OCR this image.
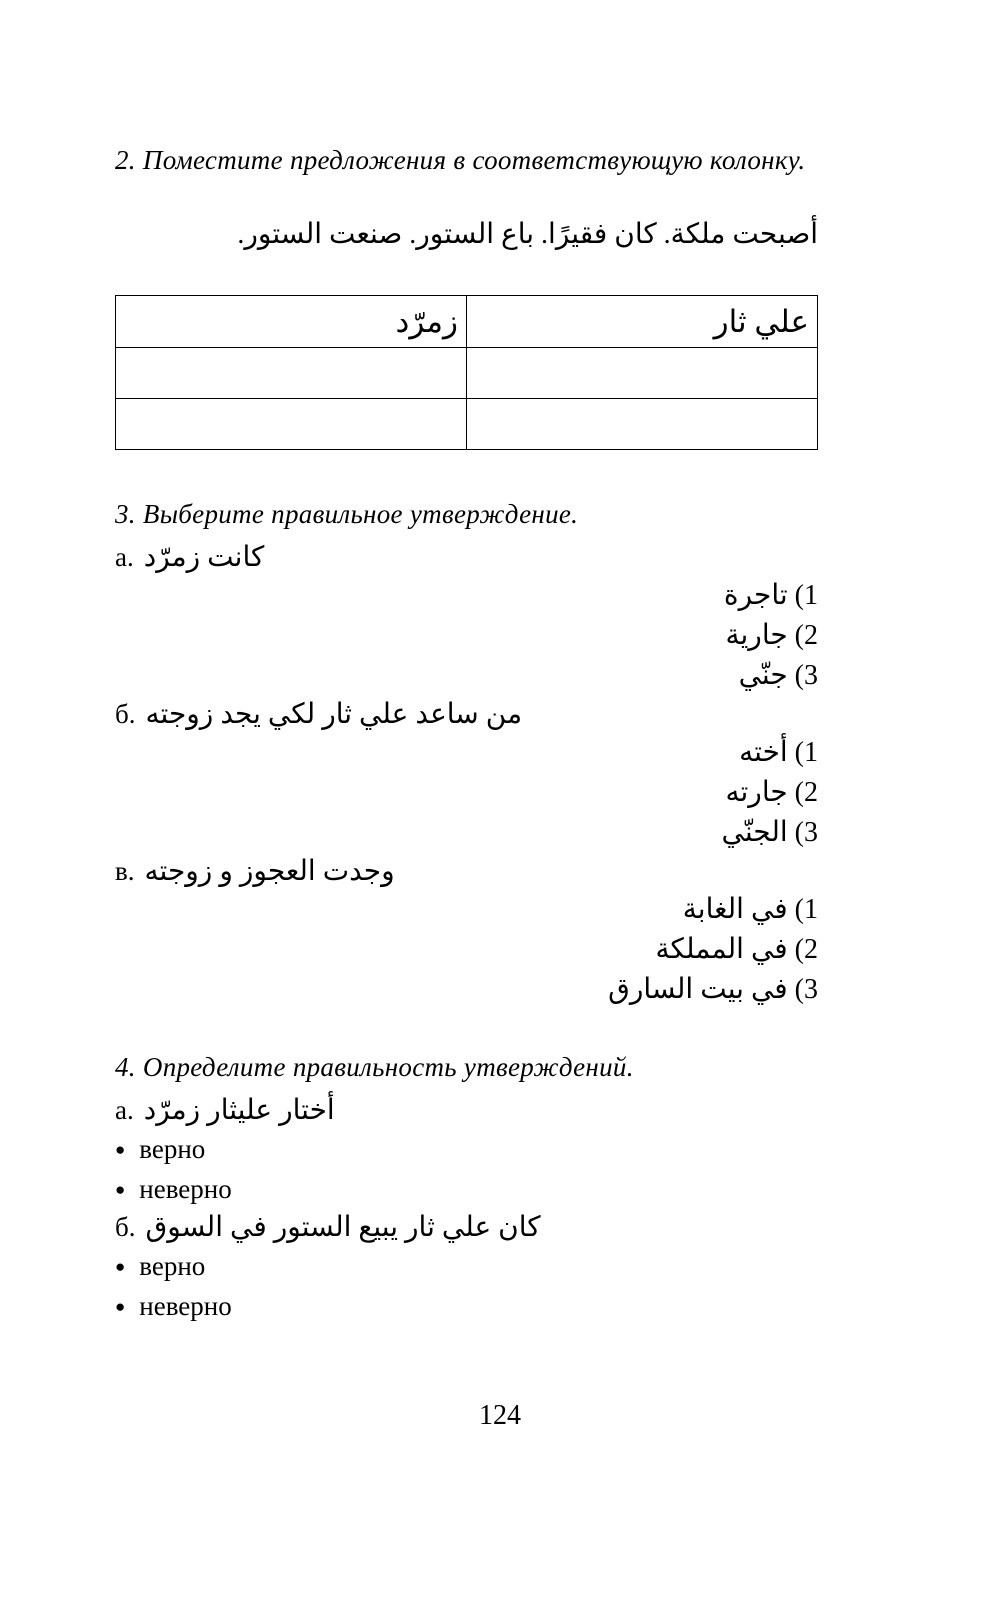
2. Поместите предложения в соответствующую колонку.
أصبحت ملكة. كان فقيرًا. باع الستور. صنعت الستور.
علي ثار	زمرّد

3. Выберите правильное утверждение.
a. كانت زمرّد
1) تاجرة
2) جارية
3) جنّي
б. من ساعد علي ثار لكي يجد زوجته
1) أخته
2) جارته
3) الجنّي
в. وجدت العجوز و زوجته
1) في الغابة
2) في المملكة
3) في بيت السارق
4. Определите правильность утверждений.
a. أختار عليثار زمرّد
● верно
● неверно
б. كان علي ثار يبيع الستور في السوق
● верно
● неверно
124
